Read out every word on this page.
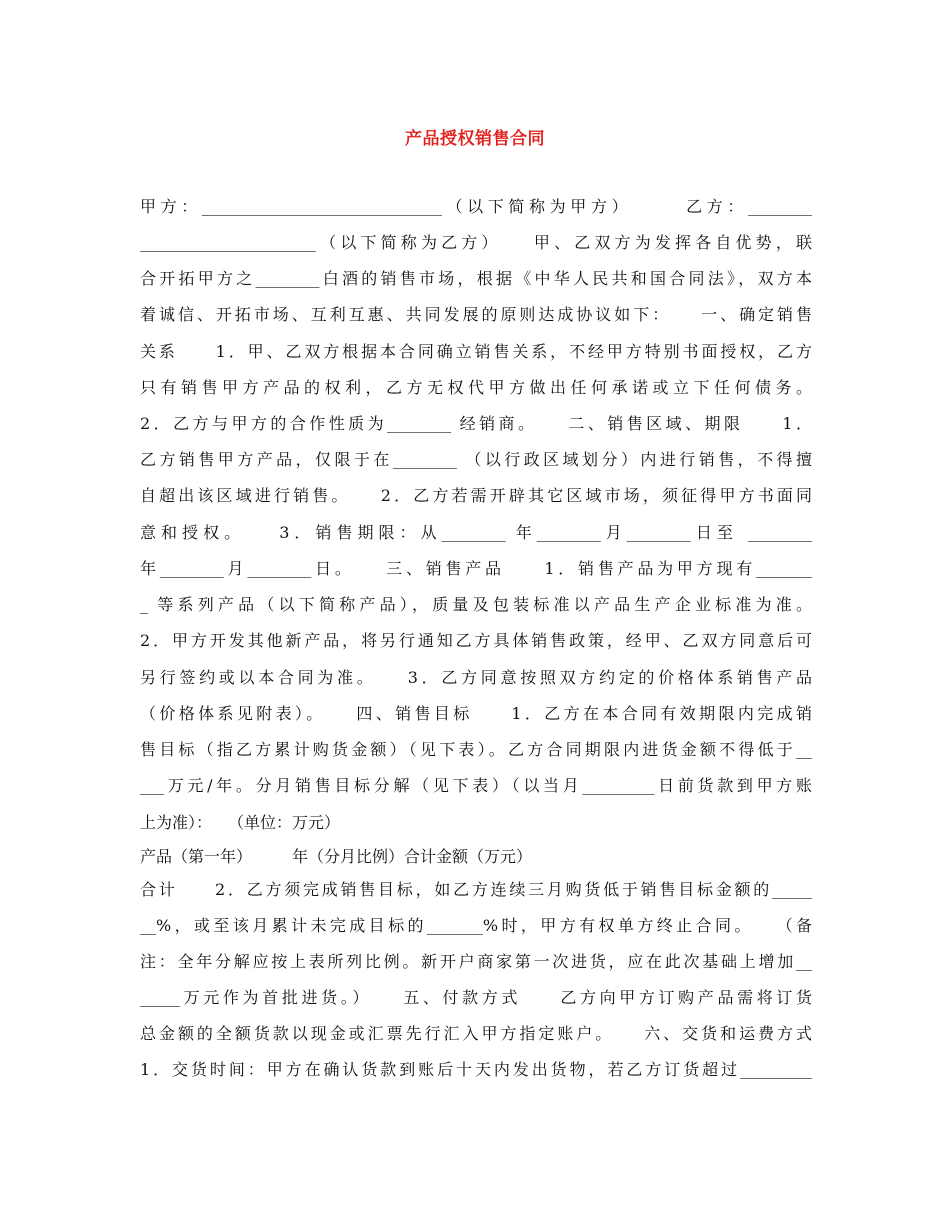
产品授权销售合同
甲方：______________________________（以下简称为甲方）　　　乙方：________
______________________（以下简称为乙方）　　甲、乙双方为发挥各自优势，联
合开拓甲方之________白酒的销售市场，根据《中华人民共和国合同法》，双方本
着诚信、开拓市场、互利互惠、共同发展的原则达成协议如下：　　一、确定销售
关系　　1．甲、乙双方根据本合同确立销售关系，不经甲方特别书面授权，乙方
只有销售甲方产品的权利，乙方无权代甲方做出任何承诺或立下任何债务。
2．乙方与甲方的合作性质为________ 经销商。　　二、销售区域、期限　　1．
乙方销售甲方产品，仅限于在________ （以行政区域划分）内进行销售，不得擅
自超出该区域进行销售。　　2．乙方若需开辟其它区域市场，须征得甲方书面同
意和授权。　　3．销售期限：从________ 年________月________日至 ________
年________月________日。　　三、销售产品　　1．销售产品为甲方现有_______
_ 等系列产品（以下简称产品），质量及包装标准以产品生产企业标准为准。
2．甲方开发其他新产品，将另行通知乙方具体销售政策，经甲、乙双方同意后可
另行签约或以本合同为准。　　3．乙方同意按照双方约定的价格体系销售产品
（价格体系见附表）。　　四、销售目标　　1．乙方在本合同有效期限内完成销
售目标（指乙方累计购货金额）（见下表）。乙方合同期限内进货金额不得低于__
___万元/年。分月销售目标分解（见下表）（以当月_________日前货款到甲方账
上为准）：　　（单位：万元）
产品（第一年）　　　年（分月比例）合计金额（万元）
合计　　2．乙方须完成销售目标，如乙方连续三月购货低于销售目标金额的_____
__%，或至该月累计未完成目标的_______%时，甲方有权单方终止合同。　　（备
注：全年分解应按上表所列比例。新开户商家第一次进货，应在此次基础上增加__
_____万元作为首批进货。）　　五、付款方式　　乙方向甲方订购产品需将订货
总金额的全额货款以现金或汇票先行汇入甲方指定账户。　　六、交货和运费方式
1．交货时间：甲方在确认货款到账后十天内发出货物，若乙方订货超过_________
